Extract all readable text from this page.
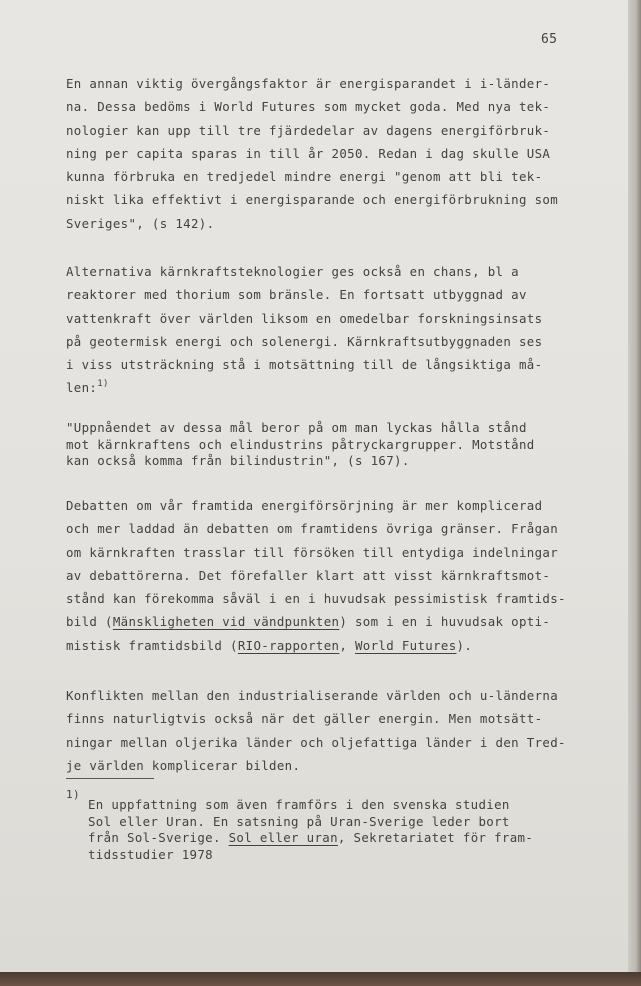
65

En annan viktig övergångsfaktor är energisparandet i i-länder-
na. Dessa bedöms i World Futures som mycket goda. Med nya tek-
nologier kan upp till tre fjärdedelar av dagens energiförbruk-
ning per capita sparas in till år 2050. Redan i dag skulle USA
kunna förbruka en tredjedel mindre energi "genom att bli tek-
niskt lika effektivt i energisparande och energiförbrukning som
Sveriges", (s 142).

Alternativa kärnkraftsteknologier ges också en chans, bl a
reaktorer med thorium som bränsle. En fortsatt utbyggnad av
vattenkraft över världen liksom en omedelbar forskningsinsats
på geotermisk energi och solenergi. Kärnkraftsutbyggnaden ses
i viss utsträckning stå i motsättning till de långsiktiga må-
len:$^{1)}$

"Uppnåendet av dessa mål beror på om man lyckas hålla stånd
mot kärnkraftens och elindustrins påtryckargrupper. Motstånd
kan också komma från bilindustrin", (s 167).

Debatten om vår framtida energiförsörjning är mer komplicerad
och mer laddad än debatten om framtidens övriga gränser. Frågan
om kärnkraften trasslar till försöken till entydiga indelningar
av debattörerna. Det förefaller klart att visst kärnkraftsmot-
stånd kan förekomma såväl i en i huvudsak pessimistisk framtids-
bild (Mänskligheten vid vändpunkten) som i en i huvudsak opti-
mistisk framtidsbild (RIO-rapporten, World Futures).

Konflikten mellan den industrialiserande världen och u-länderna
finns naturligtvis också när det gäller energin. Men motsätt-
ningar mellan oljerika länder och oljefattiga länder i den Tred-
je världen komplicerar bilden.

1)

En uppfattning som även framförs i den svenska studien
Sol eller Uran. En satsning på Uran-Sverige leder bort
från Sol-Sverige. Sol eller uran, Sekretariatet för fram-
tidsstudier 1978
